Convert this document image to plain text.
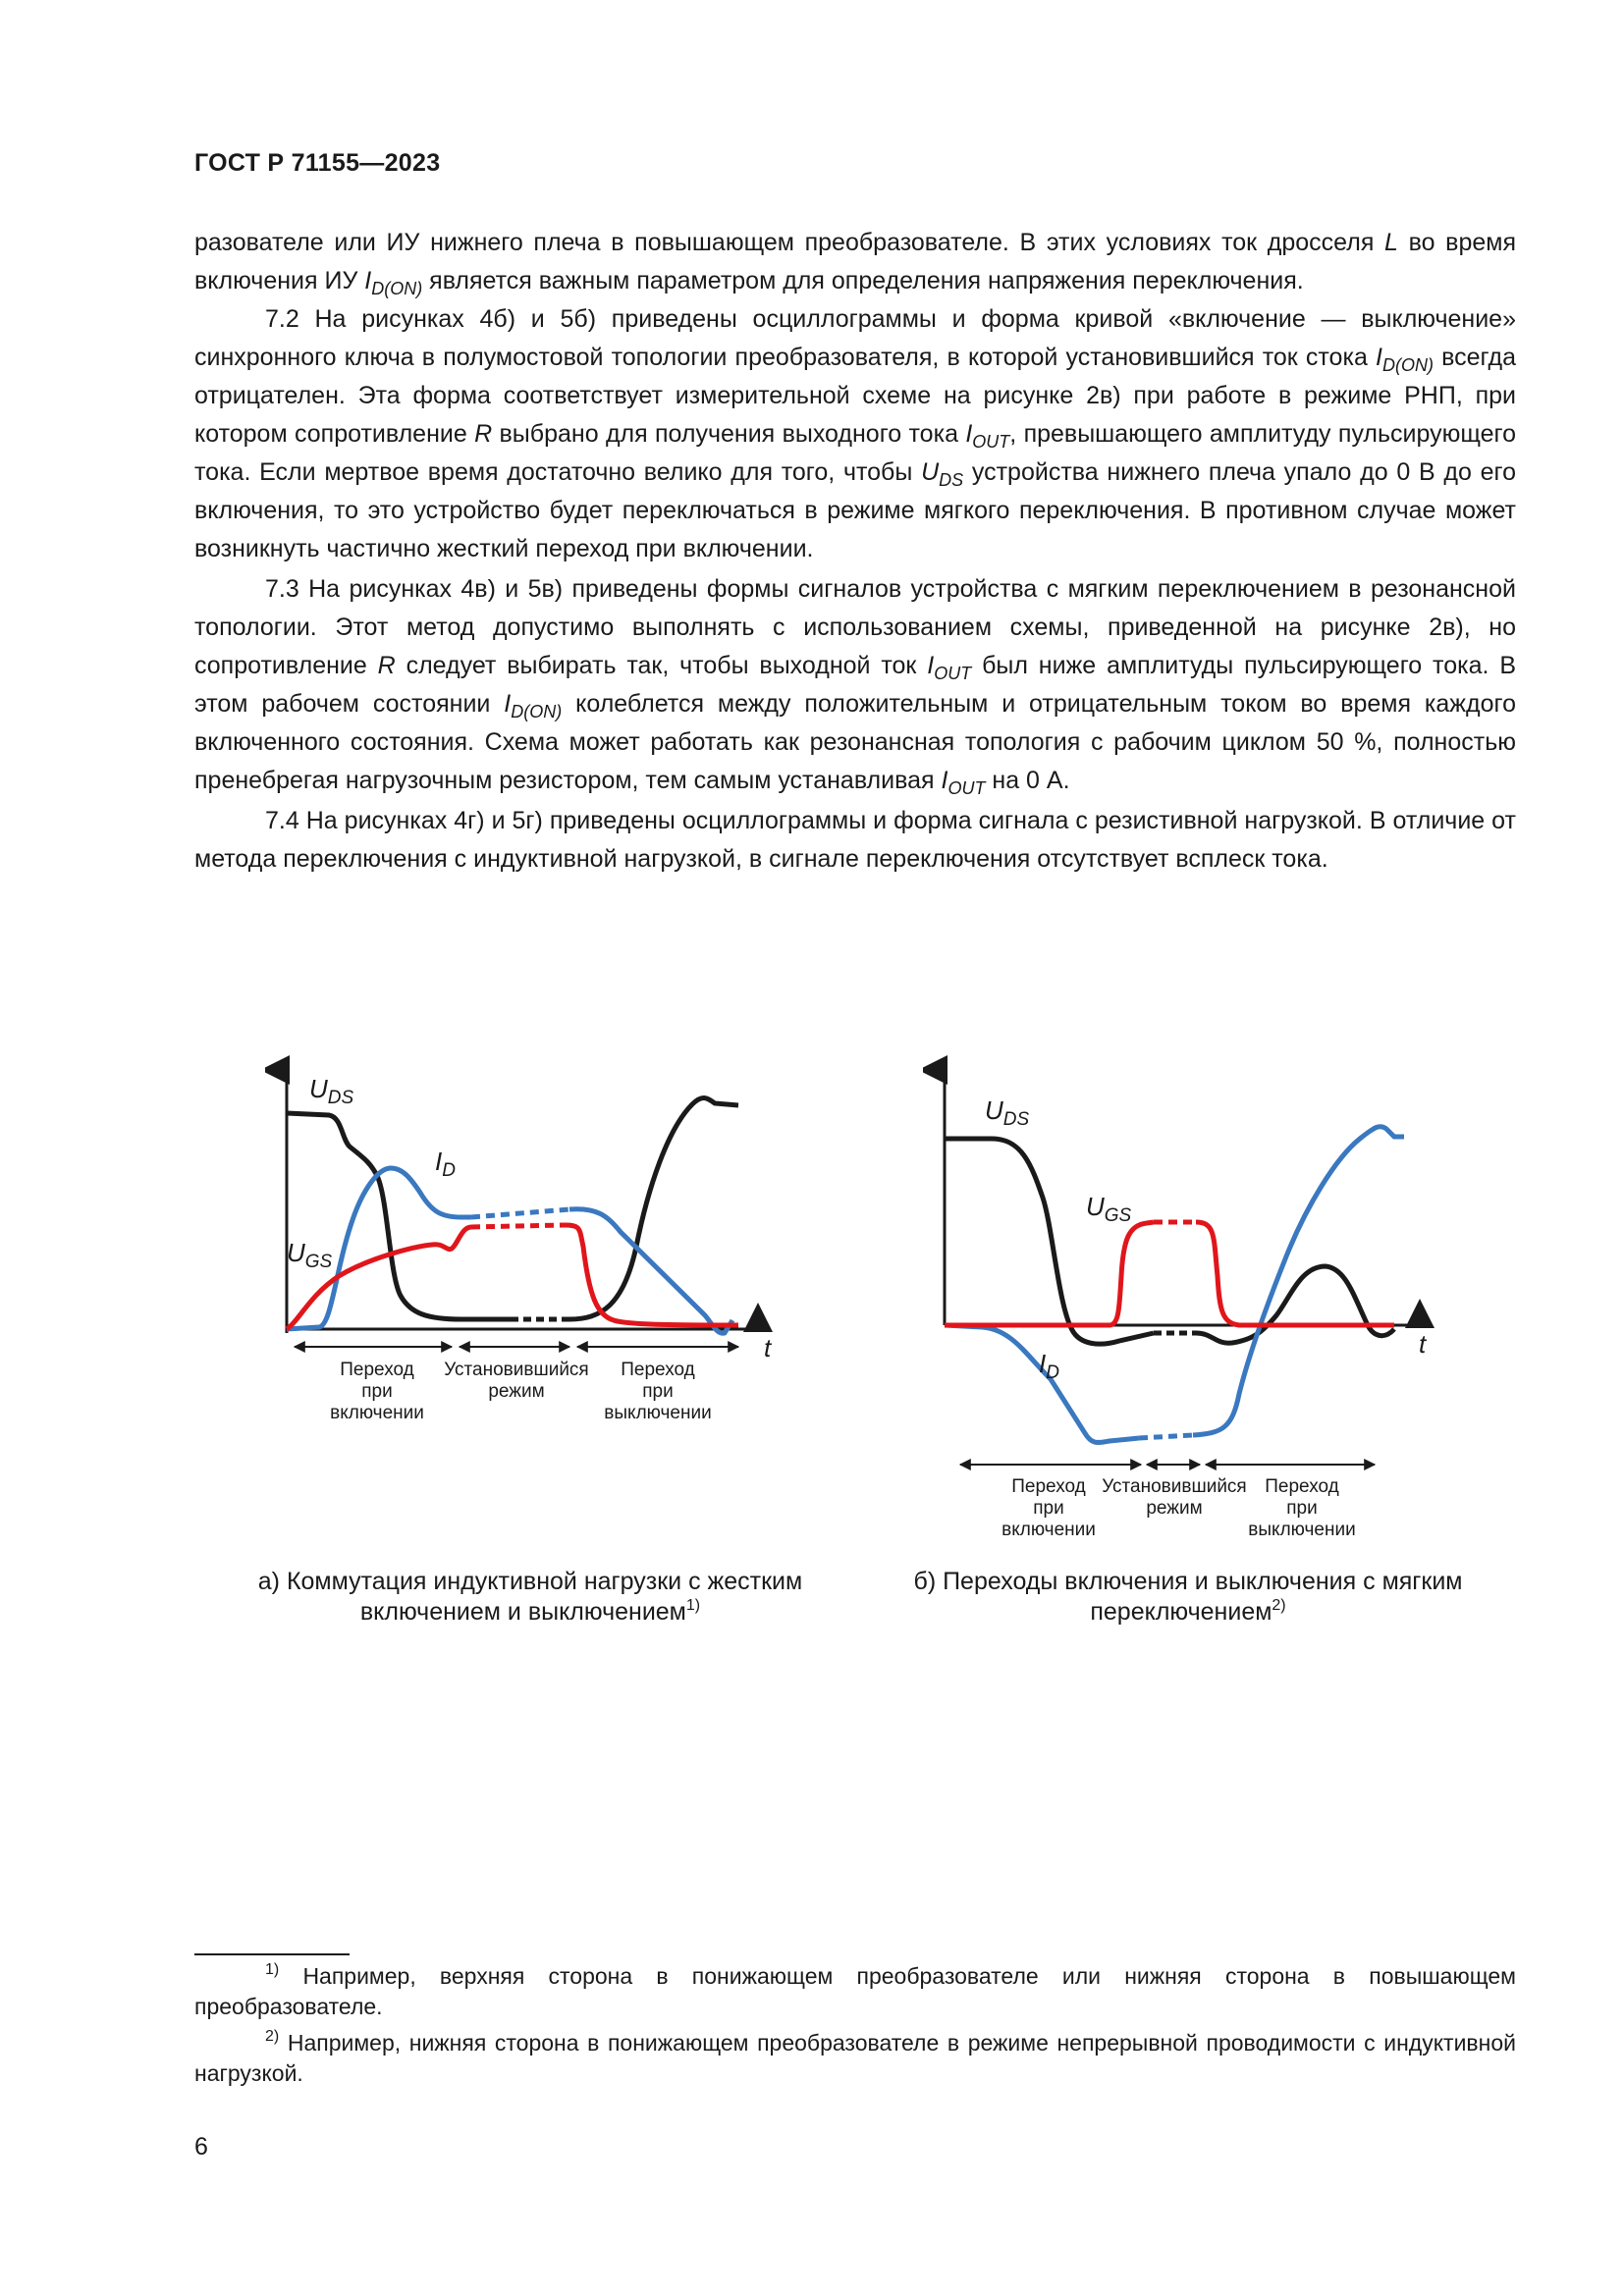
ГОСТ Р 71155—2023

разователе или ИУ нижнего плеча в повышающем преобразователе. В этих условиях ток дросселя L во время включения ИУ $I_{D(ON)}$ является важным параметром для определения напряжения переключения.

7.2 На рисунках 4б) и 5б) приведены осциллограммы и форма кривой «включение — выключение» синхронного ключа в полумостовой топологии преобразователя, в которой установившийся ток стока $I_{D(ON)}$ всегда отрицателен. Эта форма соответствует измерительной схеме на рисунке 2в) при работе в режиме РНП, при котором сопротивление R выбрано для получения выходного тока $I_{OUT}$, превышающего амплитуду пульсирующего тока. Если мертвое время достаточно велико для того, чтобы $U_{DS}$ устройства нижнего плеча упало до 0 В до его включения, то это устройство будет переключаться в режиме мягкого переключения. В противном случае может возникнуть частично жесткий переход при включении.

7.3 На рисунках 4в) и 5в) приведены формы сигналов устройства с мягким переключением в резонансной топологии. Этот метод допустимо выполнять с использованием схемы, приведенной на рисунке 2в), но сопротивление R следует выбирать так, чтобы выходной ток $I_{OUT}$ был ниже амплитуды пульсирующего тока. В этом рабочем состоянии $I_{D(ON)}$ колеблется между положительным и отрицательным током во время каждого включенного состояния. Схема может работать как резонансная топология с рабочим циклом 50 %, полностью пренебрегая нагрузочным резистором, тем самым устанавливая $I_{OUT}$ на 0 А.

7.4 На рисунках 4г) и 5г) приведены осциллограммы и форма сигнала с резистивной нагрузкой. В отличие от метода переключения с индуктивной нагрузкой, в сигнале переключения отсутствует всплеск тока.

$U_{DS}$
$I_D$
$U_{GS}$
t
Переход при включении
Установившийся режим
Переход при выключении
а) Коммутация индуктивной нагрузки с жестким
включением и выключением$^{1)}$
$U_{DS}$
$U_{GS}$
$I_D$
t
Переход при включении
Установившийся режим
Переход при выключении
б) Переходы включения и выключения с мягким
переключением$^{2)}$

$^{1)}$ Например, верхняя сторона в понижающем преобразователе или нижняя сторона в повышающем преобразователе.

$^{2)}$ Например, нижняя сторона в понижающем преобразователе в режиме непрерывной проводимости с индуктивной нагрузкой.

6
